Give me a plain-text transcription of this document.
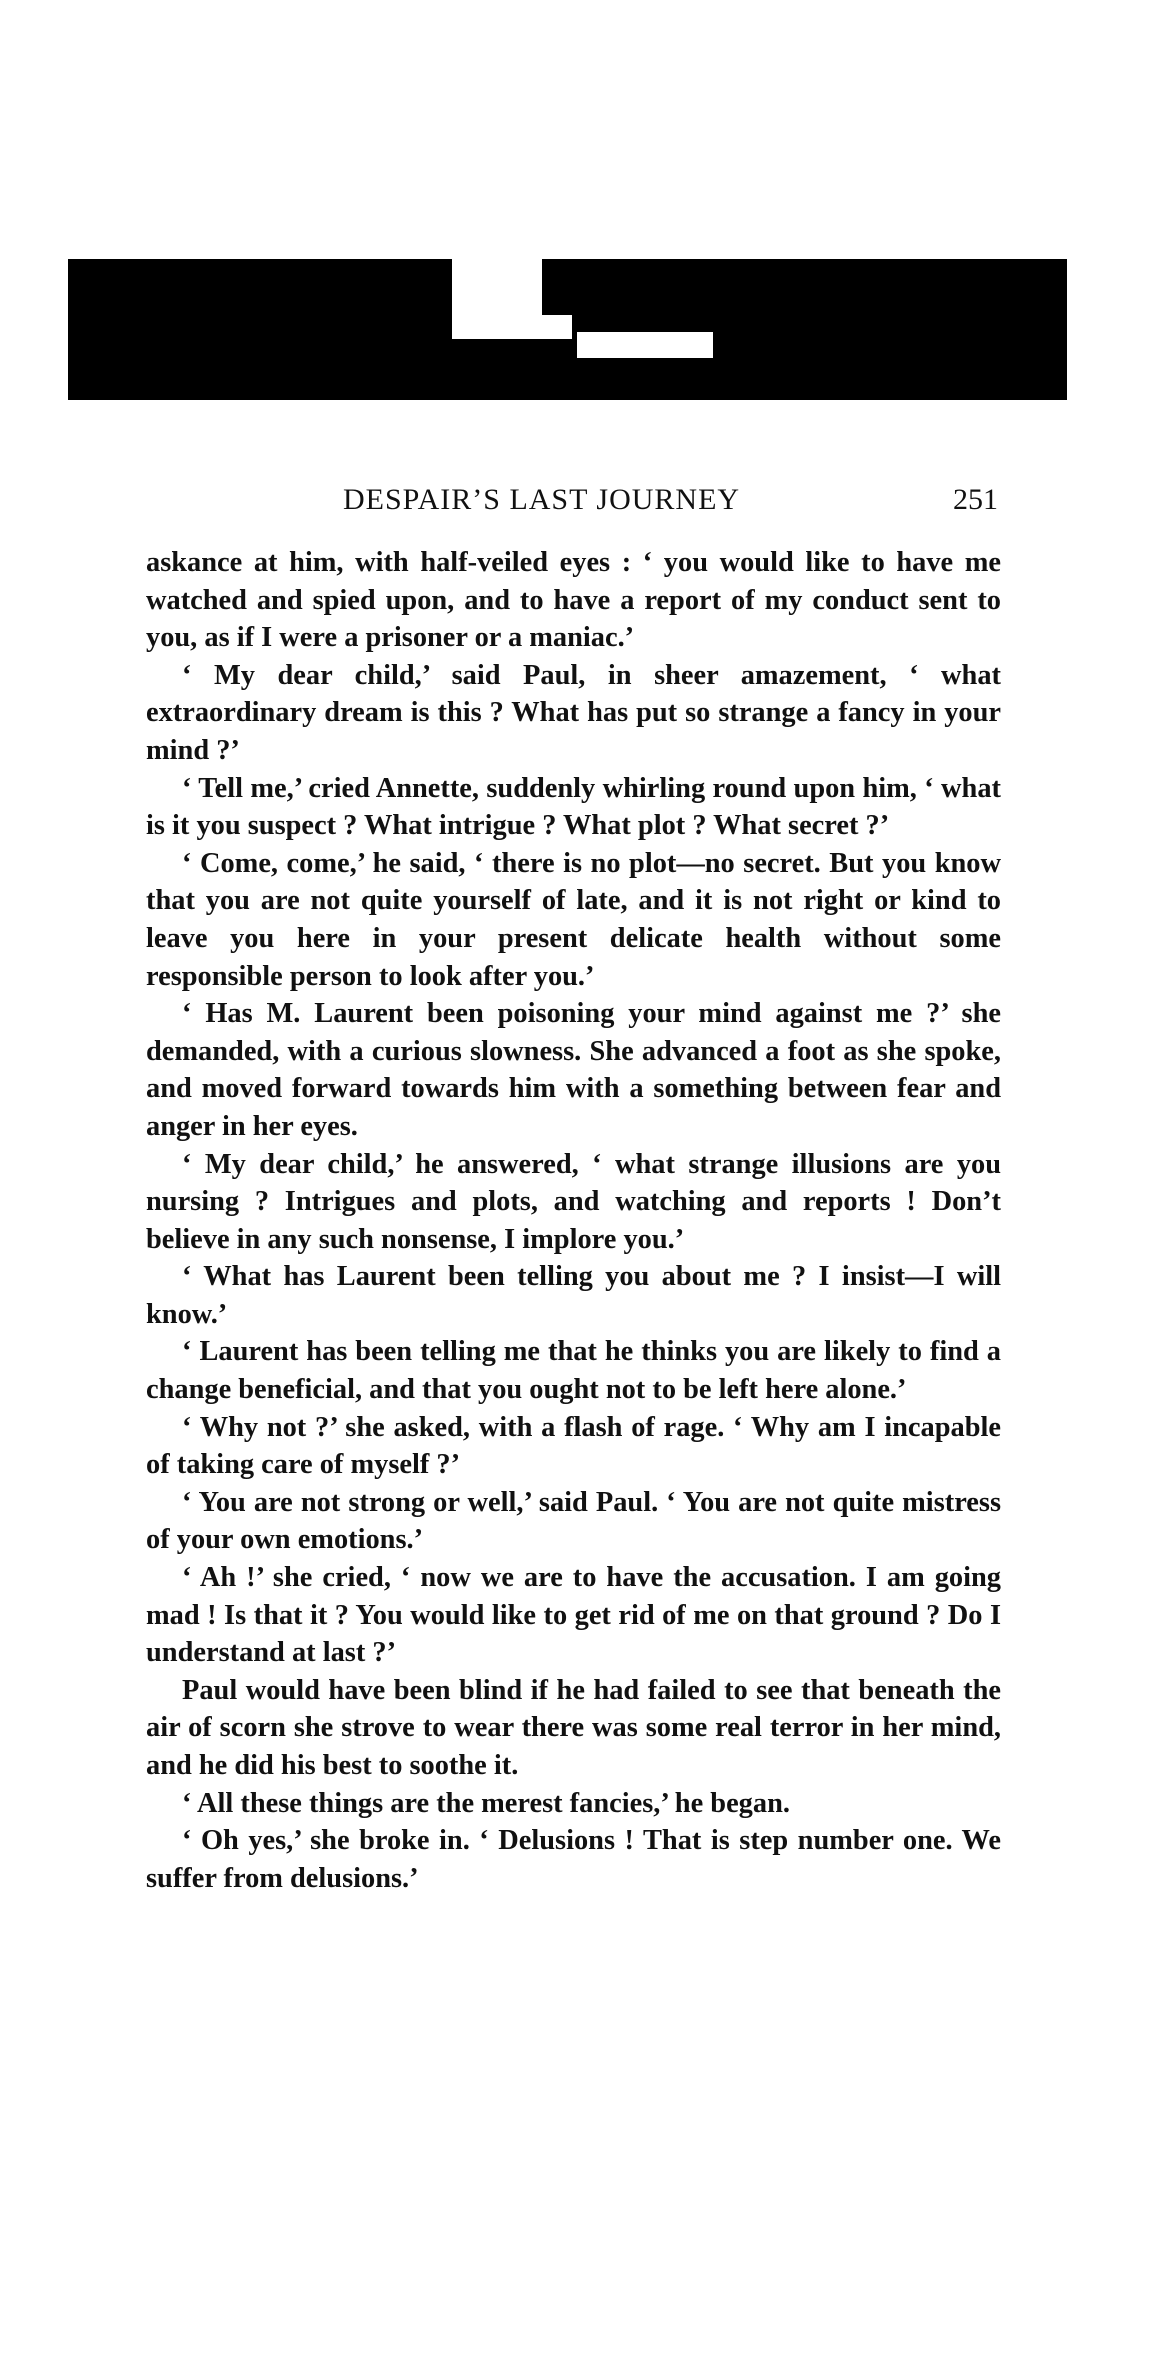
DESPAIR’S LAST JOURNEY	251

askance at him, with half-veiled eyes : ‘ you would like to have me watched and spied upon, and to have a report of my conduct sent to you, as if I were a prisoner or a maniac.’

‘ My dear child,’ said Paul, in sheer amazement, ‘ what extraordinary dream is this ? What has put so strange a fancy in your mind ?’

‘ Tell me,’ cried Annette, suddenly whirling round upon him, ‘ what is it you suspect ? What intrigue ? What plot ? What secret ?’

‘ Come, come,’ he said, ‘ there is no plot—no secret. But you know that you are not quite yourself of late, and it is not right or kind to leave you here in your present delicate health without some responsible person to look after you.’

‘ Has M. Laurent been poisoning your mind against me ?’ she demanded, with a curious slowness. She advanced a foot as she spoke, and moved forward towards him with a something between fear and anger in her eyes.

‘ My dear child,’ he answered, ‘ what strange illusions are you nursing ? Intrigues and plots, and watching and reports ! Don’t believe in any such nonsense, I implore you.’

‘ What has Laurent been telling you about me ? I insist—I will know.’

‘ Laurent has been telling me that he thinks you are likely to find a change beneficial, and that you ought not to be left here alone.’

‘ Why not ?’ she asked, with a flash of rage. ‘ Why am I incapable of taking care of myself ?’

‘ You are not strong or well,’ said Paul. ‘ You are not quite mistress of your own emotions.’

‘ Ah !’ she cried, ‘ now we are to have the accusation. I am going mad ! Is that it ? You would like to get rid of me on that ground ? Do I understand at last ?’

Paul would have been blind if he had failed to see that beneath the air of scorn she strove to wear there was some real terror in her mind, and he did his best to soothe it.

‘ All these things are the merest fancies,’ he began.

‘ Oh yes,’ she broke in. ‘ Delusions ! That is step number one. We suffer from delusions.’
